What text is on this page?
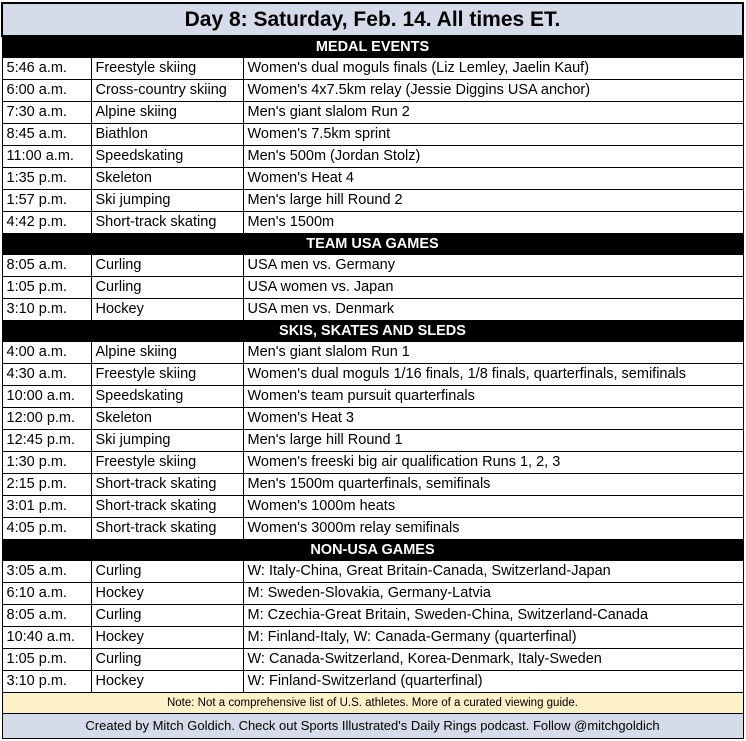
Day 8: Saturday, Feb. 14. All times ET.		
MEDAL EVENTS		
5:46 a.m.	Freestyle skiing	Women's dual moguls finals (Liz Lemley, Jaelin Kauf)
6:00 a.m.	Cross-country skiing	Women's 4x7.5km relay (Jessie Diggins USA anchor)
7:30 a.m.	Alpine skiing	Men's giant slalom Run 2
8:45 a.m.	Biathlon	Women's 7.5km sprint
11:00 a.m.	Speedskating	Men's 500m (Jordan Stolz)
1:35 p.m.	Skeleton	Women's Heat 4
1:57 p.m.	Ski jumping	Men's large hill Round 2
4:42 p.m.	Short-track skating	Men's 1500m
TEAM USA GAMES		
8:05 a.m.	Curling	USA men vs. Germany
1:05 p.m.	Curling	USA women vs. Japan
3:10 p.m.	Hockey	USA men vs. Denmark
SKIS, SKATES AND SLEDS		
4:00 a.m.	Alpine skiing	Men's giant slalom Run 1
4:30 a.m.	Freestyle skiing	Women's dual moguls 1/16 finals, 1/8 finals, quarterfinals, semifinals
10:00 a.m.	Speedskating	Women's team pursuit quarterfinals
12:00 p.m.	Skeleton	Women's Heat 3
12:45 p.m.	Ski jumping	Men's large hill Round 1
1:30 p.m.	Freestyle skiing	Women's freeski big air qualification Runs 1, 2, 3
2:15 p.m.	Short-track skating	Men's 1500m quarterfinals, semifinals
3:01 p.m.	Short-track skating	Women's 1000m heats
4:05 p.m.	Short-track skating	Women's 3000m relay semifinals
NON-USA GAMES		
3:05 a.m.	Curling	W: Italy-China, Great Britain-Canada, Switzerland-Japan
6:10 a.m.	Hockey	M: Sweden-Slovakia, Germany-Latvia
8:05 a.m.	Curling	M: Czechia-Great Britain, Sweden-China, Switzerland-Canada
10:40 a.m.	Hockey	M: Finland-Italy, W: Canada-Germany (quarterfinal)
1:05 p.m.	Curling	W: Canada-Switzerland, Korea-Denmark, Italy-Sweden
3:10 p.m.	Hockey	W: Finland-Switzerland (quarterfinal)
Note: Not a comprehensive list of U.S. athletes. More of a curated viewing guide.		
Created by Mitch Goldich. Check out Sports Illustrated's Daily Rings podcast. Follow @mitchgoldich		
